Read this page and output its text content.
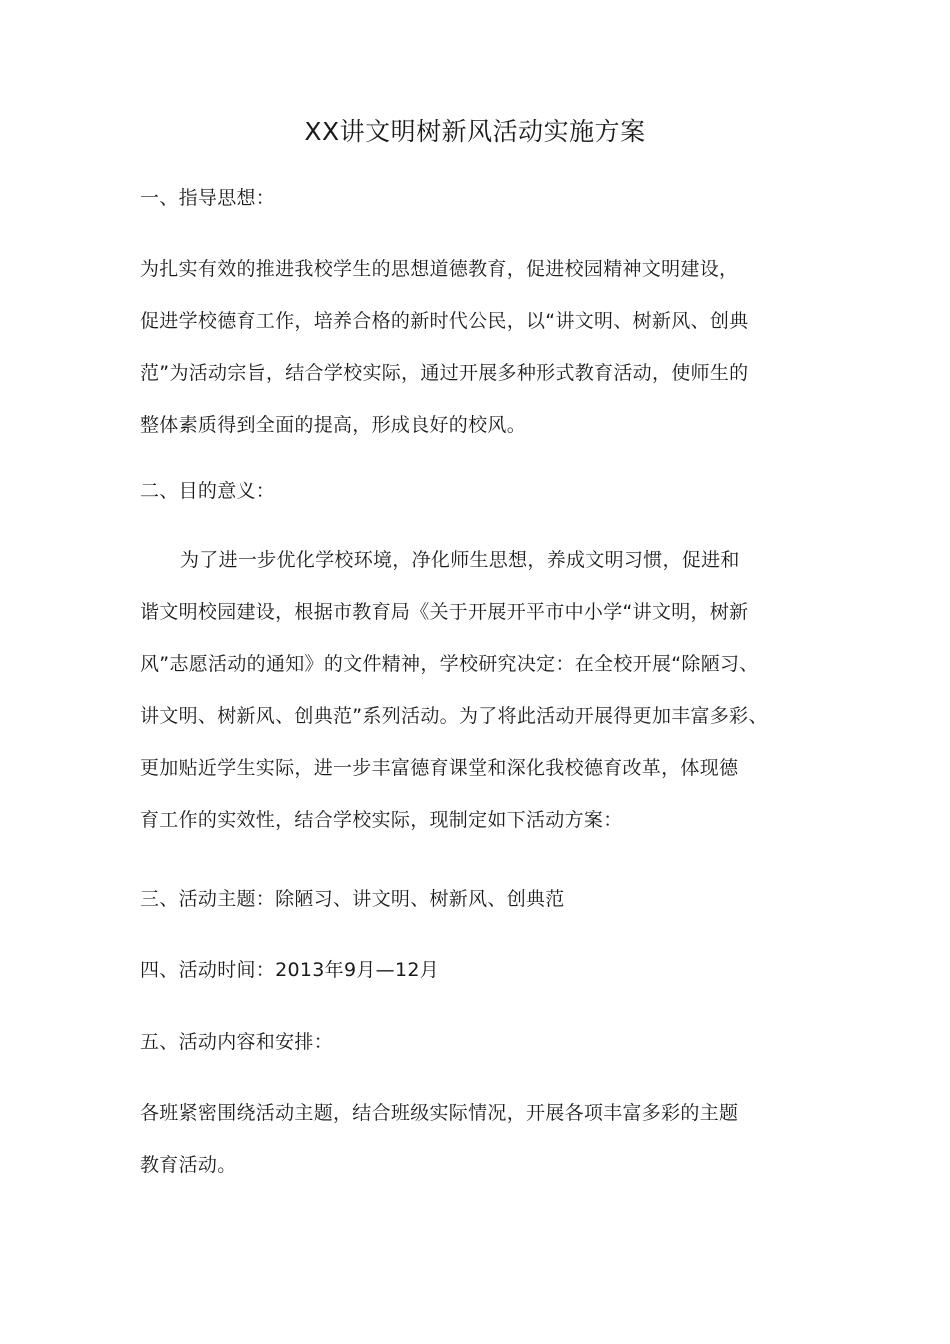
XX讲文明树新风活动实施方案

一、指导思想：

为扎实有效的推进我校学生的思想道德教育，促进校园精神文明建设，
促进学校德育工作，培养合格的新时代公民，以“讲文明、树新风、创典
范”为活动宗旨，结合学校实际，通过开展多种形式教育活动，使师生的
整体素质得到全面的提高，形成良好的校风。

二、目的意义：

为了进一步优化学校环境，净化师生思想，养成文明习惯，促进和
谐文明校园建设，根据市教育局《关于开展开平市中小学“讲文明，树新
风”志愿活动的通知》的文件精神，学校研究决定：在全校开展“除陋习、
讲文明、树新风、创典范”系列活动。为了将此活动开展得更加丰富多彩、
更加贴近学生实际，进一步丰富德育课堂和深化我校德育改革，体现德
育工作的实效性，结合学校实际，现制定如下活动方案：

三、活动主题：除陋习、讲文明、树新风、创典范

四、活动时间：2013年9月—12月

五、活动内容和安排：

各班紧密围绕活动主题，结合班级实际情况，开展各项丰富多彩的主题
教育活动。
